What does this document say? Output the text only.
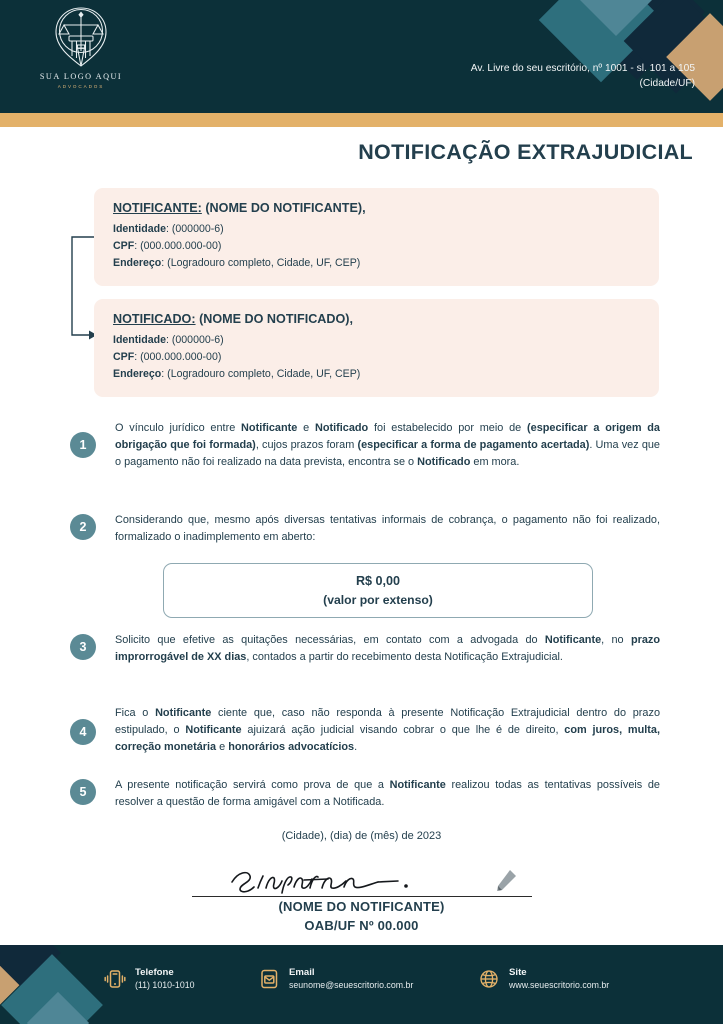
SUA LOGO AQUI
ADVOCADOS
Av. Livre do seu escritório, nº 1001 - sl. 101 a 105
(Cidade/UF)
NOTIFICAÇÃO EXTRAJUDICIAL
NOTIFICANTE: (NOME DO NOTIFICANTE),
Identidade: (000000-6)
CPF: (000.000.000-00)
Endereço: (Logradouro completo, Cidade, UF, CEP)
NOTIFICADO: (NOME DO NOTIFICADO),
Identidade: (000000-6)
CPF: (000.000.000-00)
Endereço: (Logradouro completo, Cidade, UF, CEP)
1
O vínculo jurídico entre Notificante e Notificado foi estabelecido por meio de (especificar a origem da obrigação que foi formada), cujos prazos foram (especificar a forma de pagamento acertada). Uma vez que o pagamento não foi realizado na data prevista, encontra se o Notificado em mora.
2	Considerando que, mesmo após diversas tentativas informais de cobrança, o pagamento não foi realizado, formalizado o inadimplemento em aberto:
R$ 0,00
(valor por extenso)
3	Solicito que efetive as quitações necessárias, em contato com a advogada do Notificante, no prazo improrrogável de XX dias, contados a partir do recebimento desta Notificação Extrajudicial.
4
Fica o Notificante ciente que, caso não responda à presente Notificação Extrajudicial dentro do prazo estipulado, o Notificante ajuizará ação judicial visando cobrar o que lhe é de direito, com juros, multa, correção monetária e honorários advocatícios.
5	A presente notificação servirá como prova de que a Notificante realizou todas as tentativas possíveis de resolver a questão de forma amigável com a Notificada.
(Cidade), (dia) de (mês) de 2023
(NOME DO NOTIFICANTE)
OAB/UF Nº 00.000
Telefone
(11) 1010-1010
Email
seunome@seuescritorio.com.br
Site
www.seuescritorio.com.br
